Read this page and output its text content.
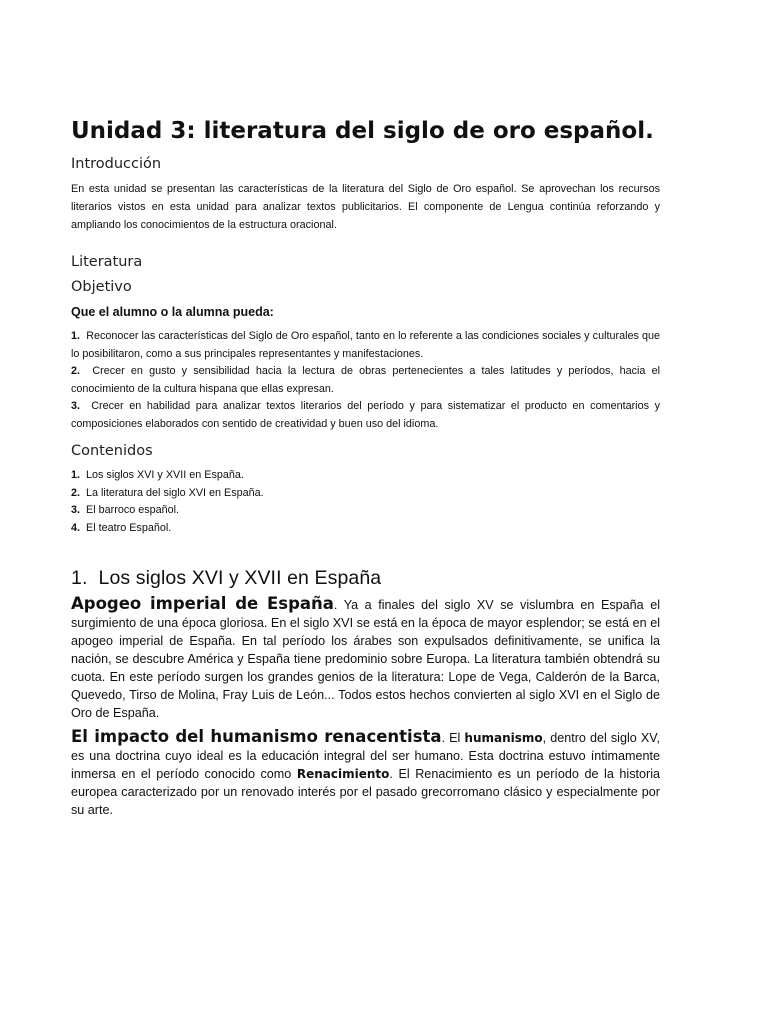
Unidad 3: literatura del siglo de oro español.

Introducción

En esta unidad se presentan las características de la literatura del Siglo de Oro español. Se aprovechan los recursos literarios vistos en esta unidad para analizar textos publicitarios. El componente de Lengua continúa reforzando y ampliando los conocimientos de la estructura oracional.

Literatura

Objetivo

Que el alumno o la alumna pueda:

1. Reconocer las características del Siglo de Oro español, tanto en lo referente a las condiciones sociales y culturales que lo posibilitaron, como a sus principales representantes y manifestaciones.

2. Crecer en gusto y sensibilidad hacia la lectura de obras pertenecientes a tales latitudes y períodos, hacia el conocimiento de la cultura hispana que ellas expresan.

3. Crecer en habilidad para analizar textos literarios del período y para sistematizar el producto en comentarios y composiciones elaborados con sentido de creatividad y buen uso del idioma.

Contenidos

1. Los siglos XVI y XVII en España.

2. La literatura del siglo XVI en España.

3. El barroco español.

4. El teatro Español.

1.  Los siglos XVI y XVII en España

Apogeo imperial de España. Ya a finales del siglo XV se vislumbra en España el surgimiento de una época gloriosa. En el siglo XVI se está en la época de mayor esplendor; se está en el apogeo imperial de España. En tal período los árabes son expulsados definitivamente, se unifica la nación, se descubre América y España tiene predominio sobre Europa. La literatura también obtendrá su cuota. En este período surgen los grandes genios de la literatura: Lope de Vega, Calderón de la Barca, Quevedo, Tirso de Molina, Fray Luis de León... Todos estos hechos convierten al siglo XVI en el Siglo de Oro de España.

El impacto del humanismo renacentista. El humanismo, dentro del siglo XV, es una doctrina cuyo ideal es la educación integral del ser humano. Esta doctrina estuvo íntimamente inmersa en el período conocido como Renacimiento. El Renacimiento es un período de la historia europea caracterizado por un renovado interés por el pasado grecorromano clásico y especialmente por su arte.
